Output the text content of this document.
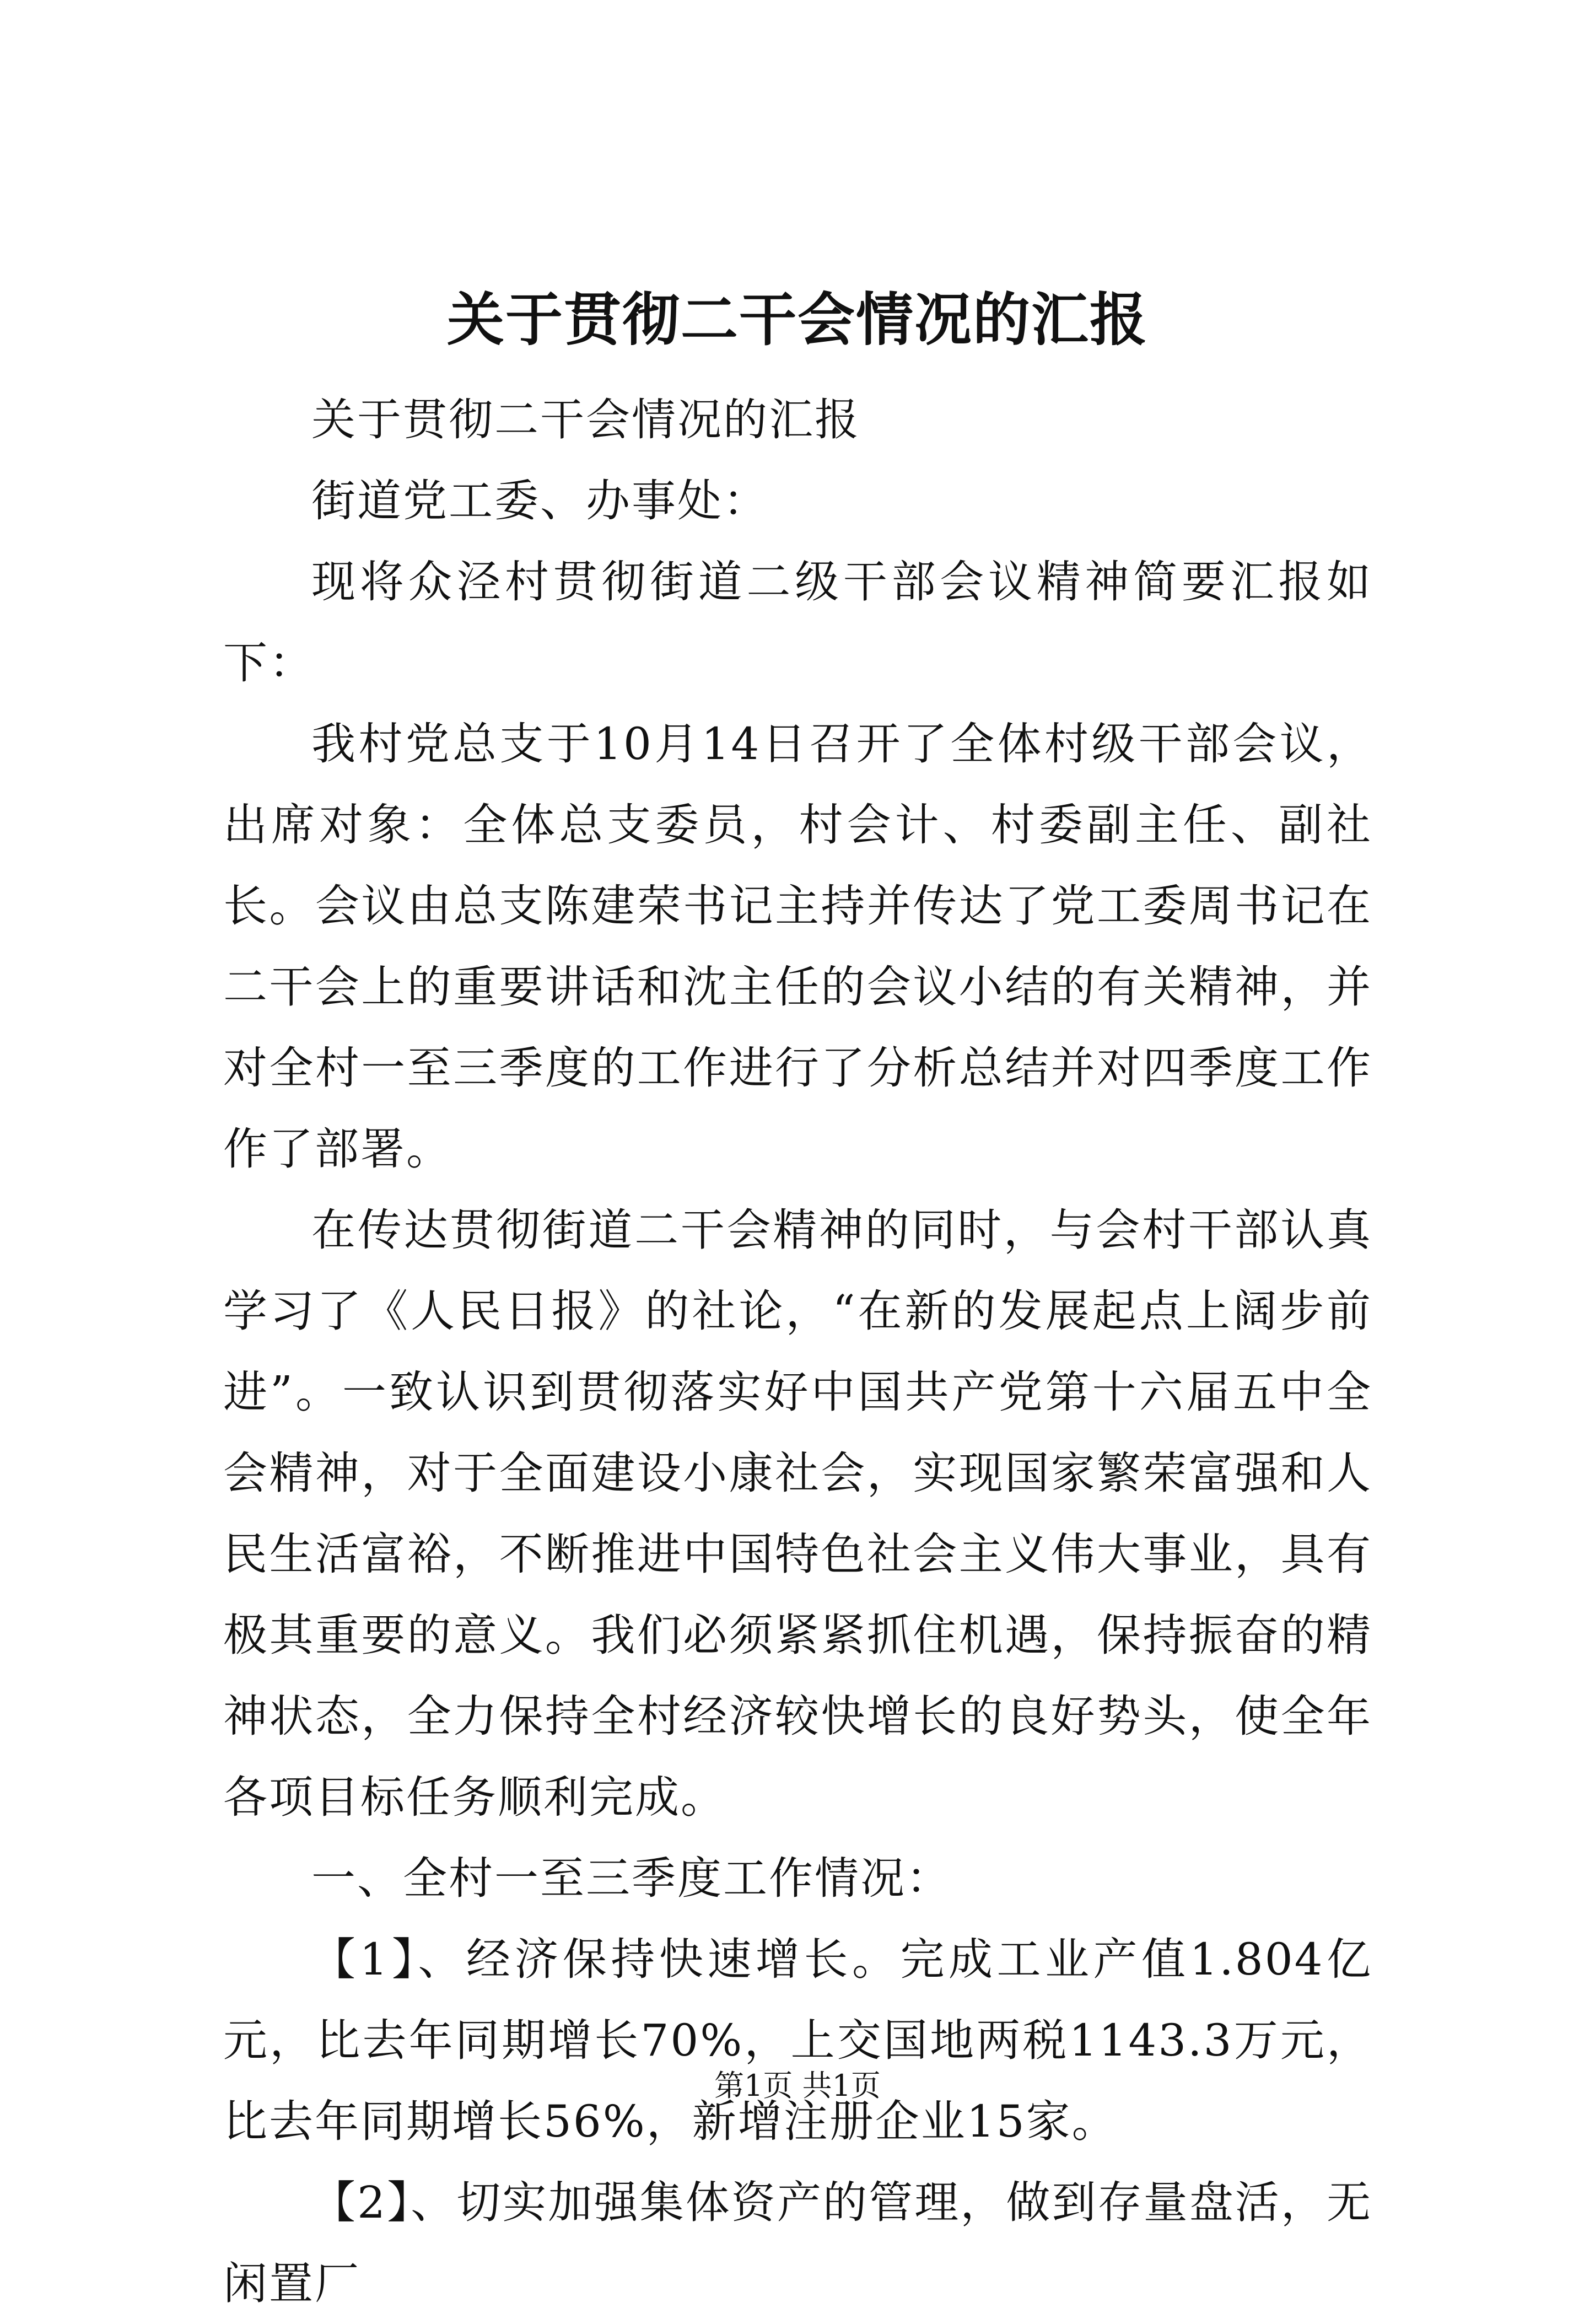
关于贯彻二干会情况的汇报

关于贯彻二干会情况的汇报

街道党工委、办事处：

现将众泾村贯彻街道二级干部会议精神简要汇报如下：

我村党总支于10月14日召开了全体村级干部会议，出席对象：全体总支委员，村会计、村委副主任、副社长。会议由总支陈建荣书记主持并传达了党工委周书记在二干会上的重要讲话和沈主任的会议小结的有关精神，并对全村一至三季度的工作进行了分析总结并对四季度工作作了部署。

在传达贯彻街道二干会精神的同时，与会村干部认真学习了《人民日报》的社论，“在新的发展起点上阔步前进”。一致认识到贯彻落实好中国共产党第十六届五中全会精神，对于全面建设小康社会，实现国家繁荣富强和人民生活富裕，不断推进中国特色社会主义伟大事业，具有极其重要的意义。我们必须紧紧抓住机遇，保持振奋的精神状态，全力保持全村经济较快增长的良好势头，使全年各项目标任务顺利完成。

一、全村一至三季度工作情况：

【1】、经济保持快速增长。完成工业产值1.804亿元，比去年同期增长70%，上交国地两税1143.3万元，比去年同期增长56%，新增注册企业15家。

【2】、切实加强集体资产的管理，做到存量盘活，无闲置厂

第1页 共1页
